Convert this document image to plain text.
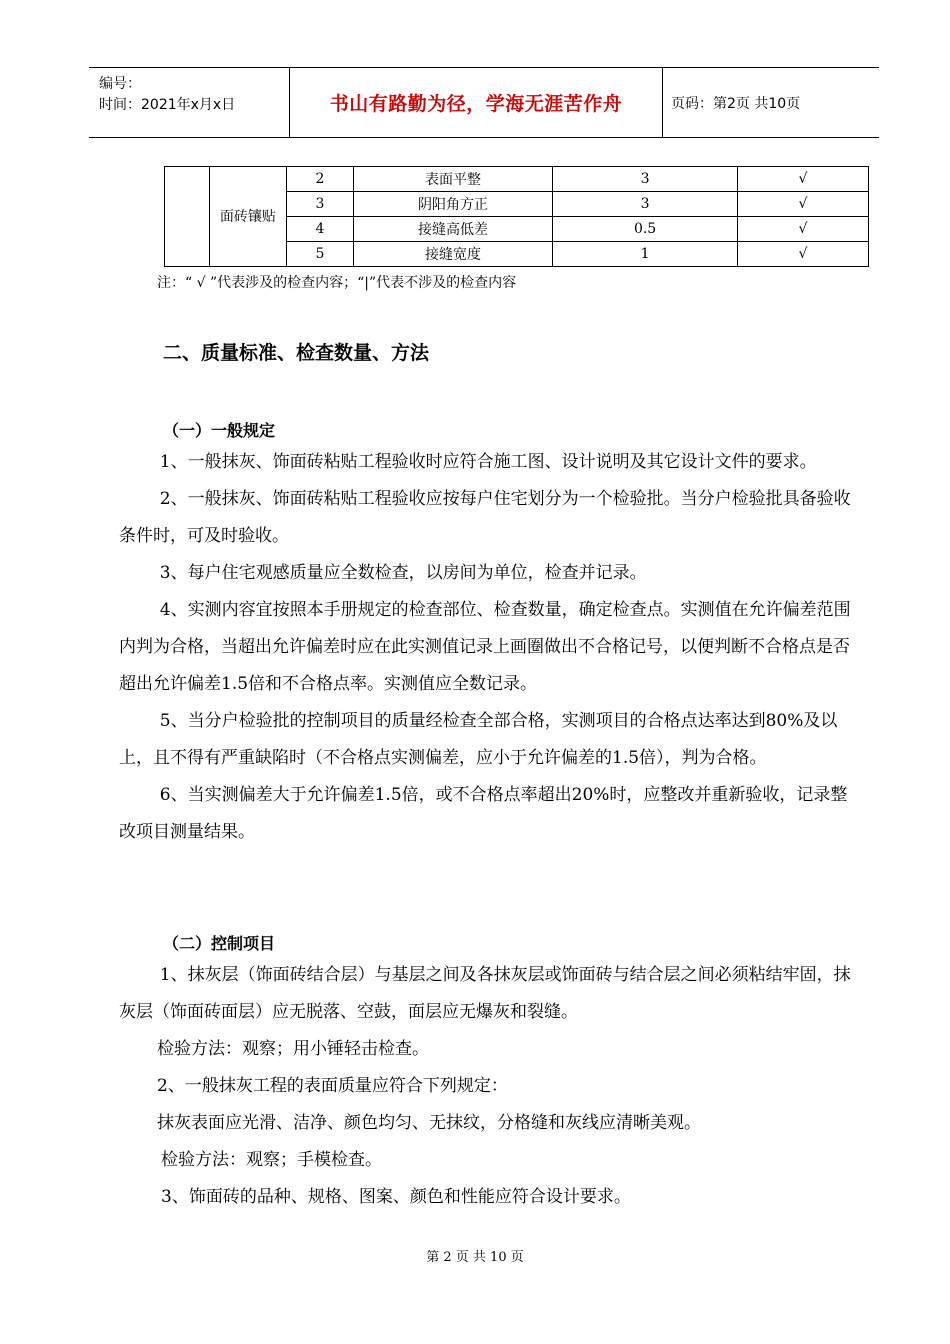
编号：
时间：2021年x月x日	书山有路勤为径，学海无涯苦作舟	页码：第2页 共10页
	面砖镶贴	2	表面平整	3	√
		3	阴阳角方正	3	√
		4	接缝高低差	0.5	√
		5	接缝宽度	1	√
注：“ √ ”代表涉及的检查内容；“|”代表不涉及的检查内容
二、质量标准、检查数量、方法
（一）一般规定

1、一般抹灰、饰面砖粘贴工程验收时应符合施工图、设计说明及其它设计文件的要求。

2、一般抹灰、饰面砖粘贴工程验收应按每户住宅划分为一个检验批。当分户检验批具备验收条件时，可及时验收。

3、每户住宅观感质量应全数检查，以房间为单位，检查并记录。

4、实测内容宜按照本手册规定的检查部位、检查数量，确定检查点。实测值在允许偏差范围内判为合格，当超出允许偏差时应在此实测值记录上画圈做出不合格记号，以便判断不合格点是否超出允许偏差1.5倍和不合格点率。实测值应全数记录。

5、当分户检验批的控制项目的质量经检查全部合格，实测项目的合格点达率达到80%及以上，且不得有严重缺陷时（不合格点实测偏差，应小于允许偏差的1.5倍），判为合格。

6、当实测偏差大于允许偏差1.5倍，或不合格点率超出20%时，应整改并重新验收，记录整改项目测量结果。

（二）控制项目

1、抹灰层（饰面砖结合层）与基层之间及各抹灰层或饰面砖与结合层之间必须粘结牢固，抹灰层（饰面砖面层）应无脱落、空鼓，面层应无爆灰和裂缝。

检验方法：观察；用小锤轻击检查。

2、一般抹灰工程的表面质量应符合下列规定：

抹灰表面应光滑、洁净、颜色均匀、无抹纹，分格缝和灰线应清晰美观。

检验方法：观察；手模检查。

3、饰面砖的品种、规格、图案、颜色和性能应符合设计要求。

第 2 页 共 10 页
